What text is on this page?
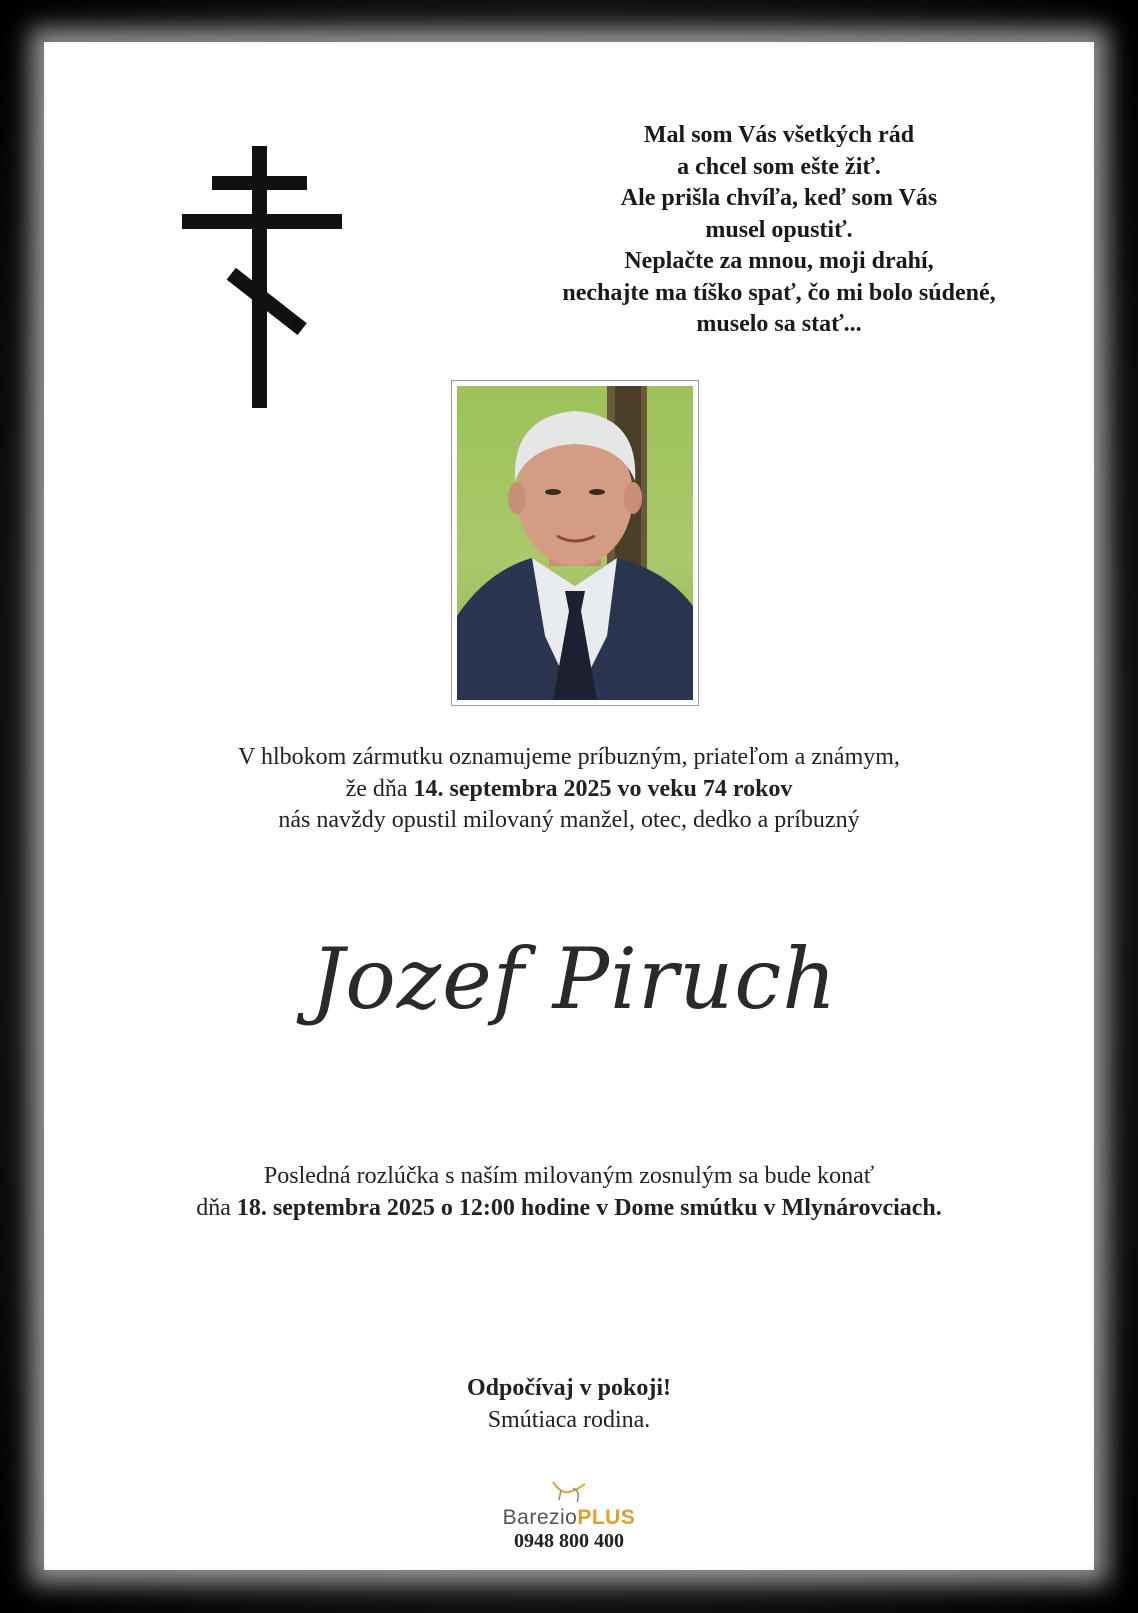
Mal som Vás všetkých rád
a chcel som ešte žiť.
Ale prišla chvíľa, keď som Vás
musel opustiť.
Neplačte za mnou, moji drahí,
nechajte ma tíško spať, čo mi bolo súdené,
muselo sa stať...
V hlbokom zármutku oznamujeme príbuzným, priateľom a známym,
že dňa 14. septembra 2025 vo veku 74 rokov
nás navždy opustil milovaný manžel, otec, dedko a príbuzný
Jozef Piruch
Posledná rozlúčka s naším milovaným zosnulým sa bude konať
dňa 18. septembra 2025 o 12:00 hodine v Dome smútku v Mlynárovciach.
Odpočívaj v pokoji!
Smútiaca rodina.
BarezioPLUS
0948 800 400
